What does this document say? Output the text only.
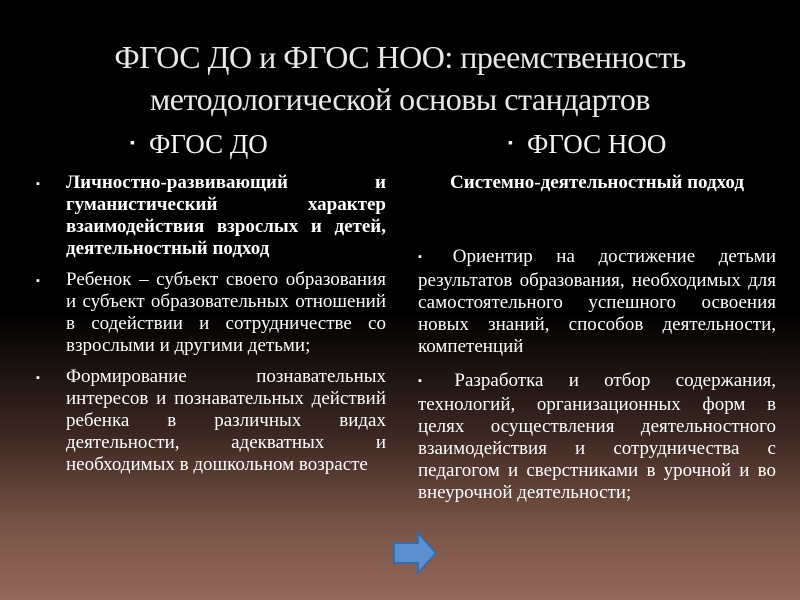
ФГОС ДО и ФГОС НОО: преемственность
методологической основы стандартов
▪ ФГОС ДО	▪ ФГОС НОО
▪ Личностно-развивающий и гуманистический характер взаимодействия взрослых и детей, деятельностный подход
▪ Ребенок – субъект своего образования и субъект образовательных отношений в содействии и сотрудничестве со взрослыми и другими детьми;
▪ Формирование познавательных интересов и познавательных действий ребенка в различных видах деятельности, адекватных и необходимых в дошкольном возрасте
Системно-деятельностный подход
▪ Ориентир на достижение детьми результатов образования, необходимых для самостоятельного успешного освоения новых знаний, способов деятельности, компетенций
▪ Разработка и отбор содержания, технологий, организационных форм в целях осуществления деятельностного взаимодействия и сотрудничества с педагогом и сверстниками в урочной и во внеурочной деятельности;
